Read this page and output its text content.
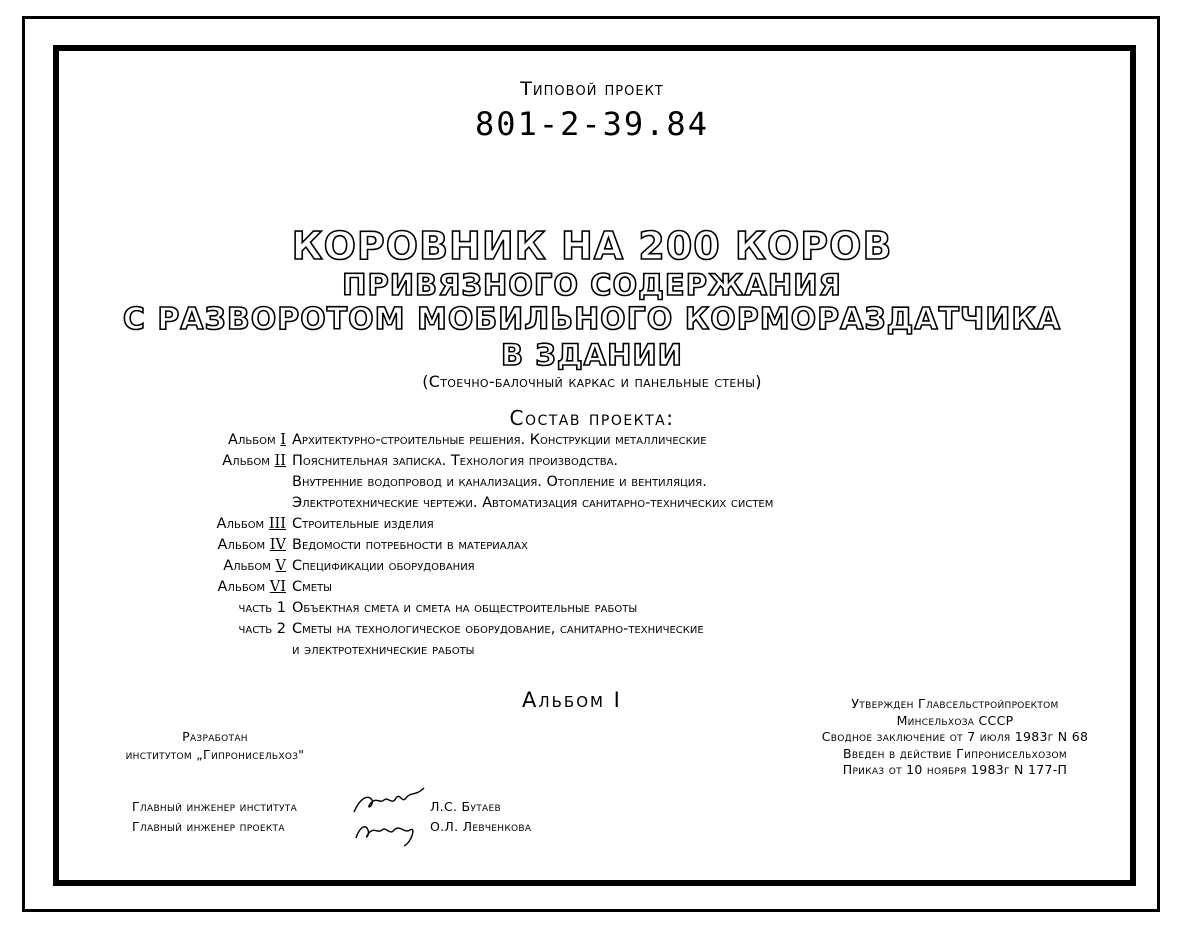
Типовой проект
801-2-39.84
КОРОВНИК НА 200 КОРОВ
ПРИВЯЗНОГО СОДЕРЖАНИЯ
С РАЗВОРОТОМ МОБИЛЬНОГО КОРМОРАЗДАТЧИКА
В ЗДАНИИ
(Стоечно-балочный каркас и панельные стены)
Состав проекта:
Альбом I Архитектурно-строительные решения. Конструкции металлические
Альбом II Пояснительная записка. Технология производства.
Внутренние водопровод и канализация. Отопление и вентиляция.
Электротехнические чертежи. Автоматизация санитарно-технических систем
Альбом III Строительные изделия
Альбом IV Ведомости потребности в материалах
Альбом V Спецификации оборудования
Альбом VI Сметы
часть 1 Объектная смета и смета на общестроительные работы
часть 2 Сметы на технологическое оборудование, санитарно-технические
и электротехнические работы
Альбом I	Утвержден Главсельстройпроектом
Минсельхоза СССР
Сводное заключение от 7 июля 1983г N 68
Введен в действие Гипронисельхозом
Приказ от 10 ноября 1983г N 177-П
Разработан
институтом „Гипронисельхоз"
Главный инженер института
Главный инженер проекта
Л.С. Бутаев
О.Л. Левченкова
